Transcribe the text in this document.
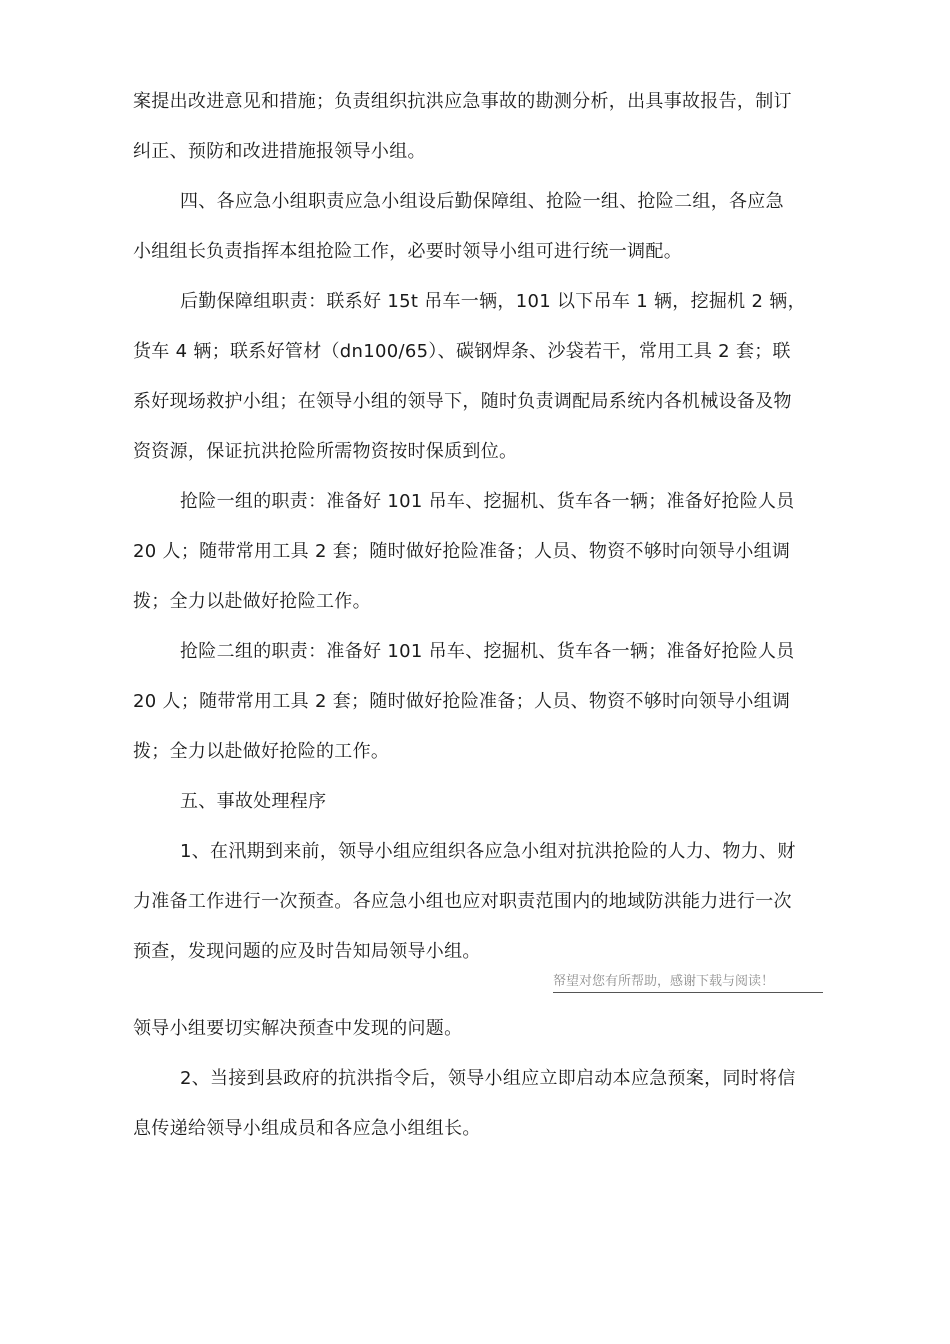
案提出改进意见和措施；负责组织抗洪应急事故的勘测分析，出具事故报告，制订
纠正、预防和改进措施报领导小组。
四、各应急小组职责应急小组设后勤保障组、抢险一组、抢险二组，各应急
小组组长负责指挥本组抢险工作，必要时领导小组可进行统一调配。
后勤保障组职责：联系好 15t 吊车一辆，101 以下吊车 1 辆，挖掘机 2 辆，
货车 4 辆；联系好管材（dn100/65）、碳钢焊条、沙袋若干，常用工具 2 套；联
系好现场救护小组；在领导小组的领导下，随时负责调配局系统内各机械设备及物
资资源，保证抗洪抢险所需物资按时保质到位。
抢险一组的职责：准备好 101 吊车、挖掘机、货车各一辆；准备好抢险人员
20 人；随带常用工具 2 套；随时做好抢险准备；人员、物资不够时向领导小组调
拨；全力以赴做好抢险工作。
抢险二组的职责：准备好 101 吊车、挖掘机、货车各一辆；准备好抢险人员
20 人；随带常用工具 2 套；随时做好抢险准备；人员、物资不够时向领导小组调
拨；全力以赴做好抢险的工作。
五、事故处理程序
1、在汛期到来前，领导小组应组织各应急小组对抗洪抢险的人力、物力、财
力准备工作进行一次预查。各应急小组也应对职责范围内的地域防洪能力进行一次
预查，发现问题的应及时告知局领导小组。
帑望对您有所帮助，感谢下载与阅读！
领导小组要切实解决预查中发现的问题。
2、当接到县政府的抗洪指令后，领导小组应立即启动本应急预案，同时将信
息传递给领导小组成员和各应急小组组长。
